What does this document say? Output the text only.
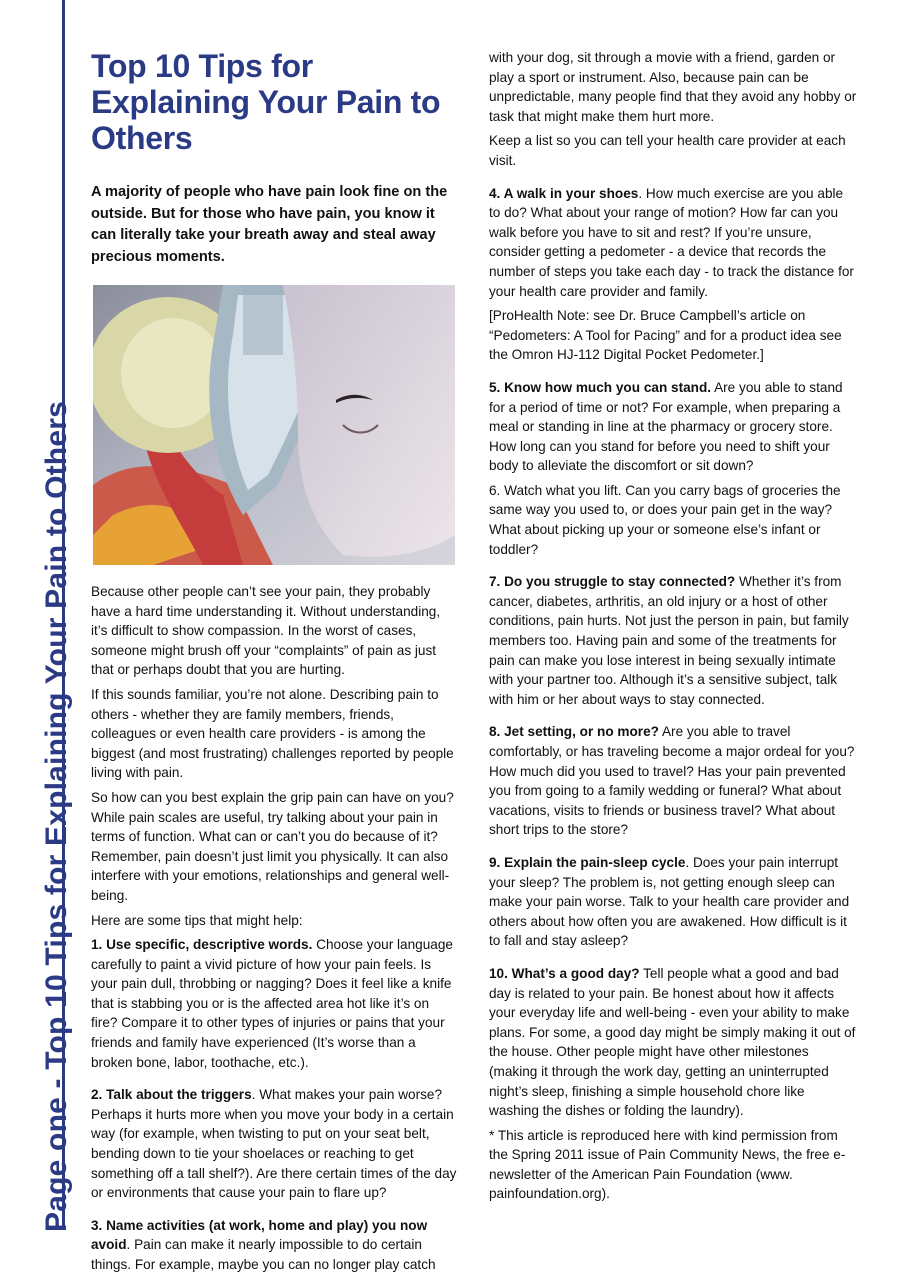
Page one - Top 10 Tips for Explaining Your Pain to Others
Top 10 Tips for Explaining Your Pain to Others
A majority of people who have pain look fine on the outside. But for those who have pain, you know it can literally take your breath away and steal away precious moments.

Because other people can’t see your pain, they probably have a hard time understanding it. Without understanding, it’s difficult to show compassion. In the worst of cases, someone might brush off your “complaints” of pain as just that or perhaps doubt that you are hurting.

If this sounds familiar, you’re not alone. Describing pain to others - whether they are family members, friends, colleagues or even health care providers - is among the biggest (and most frustrating) challenges reported by people living with pain.

So how can you best explain the grip pain can have on you? While pain scales are useful, try talking about your pain in terms of function. What can or can’t you do because of it? Remember, pain doesn’t just limit you physically. It can also interfere with your emotions, relationships and general well-being.

Here are some tips that might help:

1. Use specific, descriptive words. Choose your language carefully to paint a vivid picture of how your pain feels. Is your pain dull, throbbing or nagging? Does it feel like a knife that is stabbing you or is the affected area hot like it’s on fire? Compare it to other types of injuries or pains that your friends and family have experienced (It’s worse than a broken bone, labor, toothache, etc.).

2. Talk about the triggers. What makes your pain worse? Perhaps it hurts more when you move your body in a certain way (for example, when twisting to put on your seat belt, bending down to tie your shoelaces or reaching to get something off a tall shelf?). Are there certain times of the day or environments that cause your pain to flare up?

3. Name activities (at work, home and play) you now avoid. Pain can make it nearly impossible to do certain things. For example, maybe you can no longer play catch

with your dog, sit through a movie with a friend, garden or play a sport or instrument. Also, because pain can be unpredictable, many people find that they avoid any hobby or task that might make them hurt more.

Keep a list so you can tell your health care provider at each visit.

4. A walk in your shoes. How much exercise are you able to do? What about your range of motion? How far can you walk before you have to sit and rest? If you’re unsure, consider getting a pedometer - a device that records the number of steps you take each day - to track the distance for your health care provider and family.

[ProHealth Note: see Dr. Bruce Campbell’s article on “Pedometers: A Tool for Pacing” and for a product idea see the Omron HJ-112 Digital Pocket Pedometer.]

5. Know how much you can stand. Are you able to stand for a period of time or not? For example, when preparing a meal or standing in line at the pharmacy or grocery store. How long can you stand for before you need to shift your body to alleviate the discomfort or sit down?

6. Watch what you lift. Can you carry bags of groceries the same way you used to, or does your pain get in the way? What about picking up your or someone else’s infant or toddler?

7. Do you struggle to stay connected? Whether it’s from cancer, diabetes, arthritis, an old injury or a host of other conditions, pain hurts. Not just the person in pain, but family members too. Having pain and some of the treatments for pain can make you lose interest in being sexually intimate with your partner too. Although it’s a sensitive subject, talk with him or her about ways to stay connected.

8. Jet setting, or no more? Are you able to travel comfortably, or has traveling become a major ordeal for you? How much did you used to travel? Has your pain prevented you from going to a family wedding or funeral? What about vacations, visits to friends or business travel? What about short trips to the store?

9. Explain the pain-sleep cycle. Does your pain interrupt your sleep? The problem is, not getting enough sleep can make your pain worse. Talk to your health care provider and others about how often you are awakened. How difficult is it to fall and stay asleep?

10. What’s a good day? Tell people what a good and bad day is related to your pain. Be honest about how it affects your everyday life and well-being - even your ability to make plans. For some, a good day might be simply making it out of the house. Other people might have other milestones (making it through the work day, getting an uninterrupted night’s sleep, finishing a simple household chore like washing the dishes or folding the laundry).

* This article is reproduced here with kind permission from the Spring 2011 issue of Pain Community News, the free e-newsletter of the American Pain Foundation (www. painfoundation.org).
